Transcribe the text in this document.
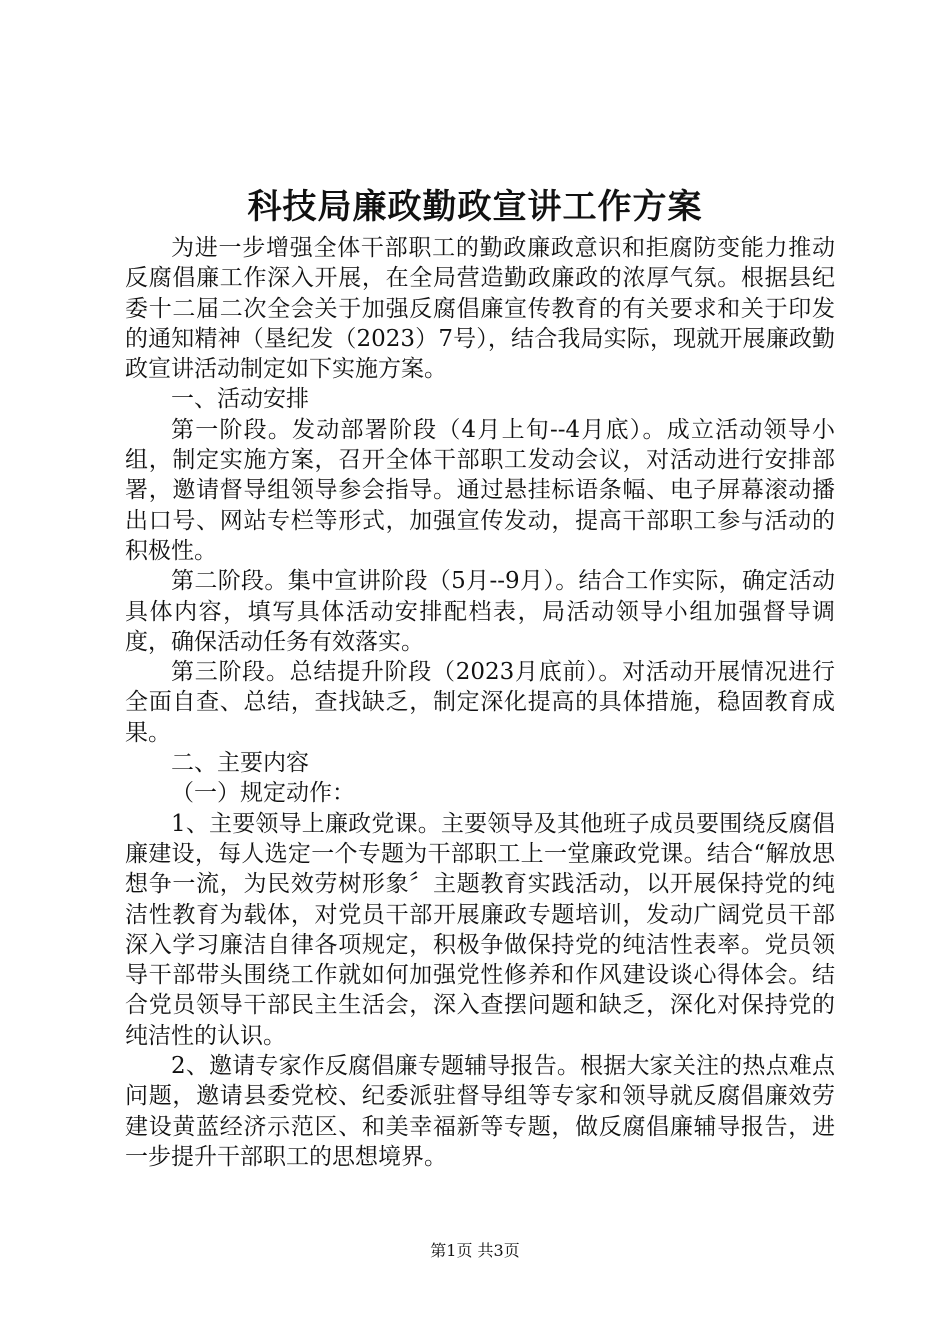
科技局廉政勤政宣讲工作方案

为进一步增强全体干部职工的勤政廉政意识和拒腐防变能力推动反腐倡廉工作深入开展，在全局营造勤政廉政的浓厚气氛。根据县纪委十二届二次全会关于加强反腐倡廉宣传教育的有关要求和关于印发的通知精神（垦纪发（2023）7号），结合我局实际，现就开展廉政勤政宣讲活动制定如下实施方案。

一、活动安排

第一阶段。发动部署阶段（4月上旬--4月底）。成立活动领导小组，制定实施方案，召开全体干部职工发动会议，对活动进行安排部署，邀请督导组领导参会指导。通过悬挂标语条幅、电子屏幕滚动播出口号、网站专栏等形式，加强宣传发动，提高干部职工参与活动的积极性。

第二阶段。集中宣讲阶段（5月--9月）。结合工作实际，确定活动具体内容，填写具体活动安排配档表，局活动领导小组加强督导调度，确保活动任务有效落实。

第三阶段。总结提升阶段（2023月底前）。对活动开展情况进行全面自查、总结，查找缺乏，制定深化提高的具体措施，稳固教育成果。

二、主要内容

（一）规定动作：

1、主要领导上廉政党课。主要领导及其他班子成员要围绕反腐倡廉建设，每人选定一个专题为干部职工上一堂廉政党课。结合“解放思想争一流，为民效劳树形象〞主题教育实践活动，以开展保持党的纯洁性教育为载体，对党员干部开展廉政专题培训，发动广阔党员干部深入学习廉洁自律各项规定，积极争做保持党的纯洁性表率。党员领导干部带头围绕工作就如何加强党性修养和作风建设谈心得体会。结合党员领导干部民主生活会，深入查摆问题和缺乏，深化对保持党的纯洁性的认识。

2、邀请专家作反腐倡廉专题辅导报告。根据大家关注的热点难点问题，邀请县委党校、纪委派驻督导组等专家和领导就反腐倡廉效劳建设黄蓝经济示范区、和美幸福新等专题，做反腐倡廉辅导报告，进一步提升干部职工的思想境界。

第1页 共3页
